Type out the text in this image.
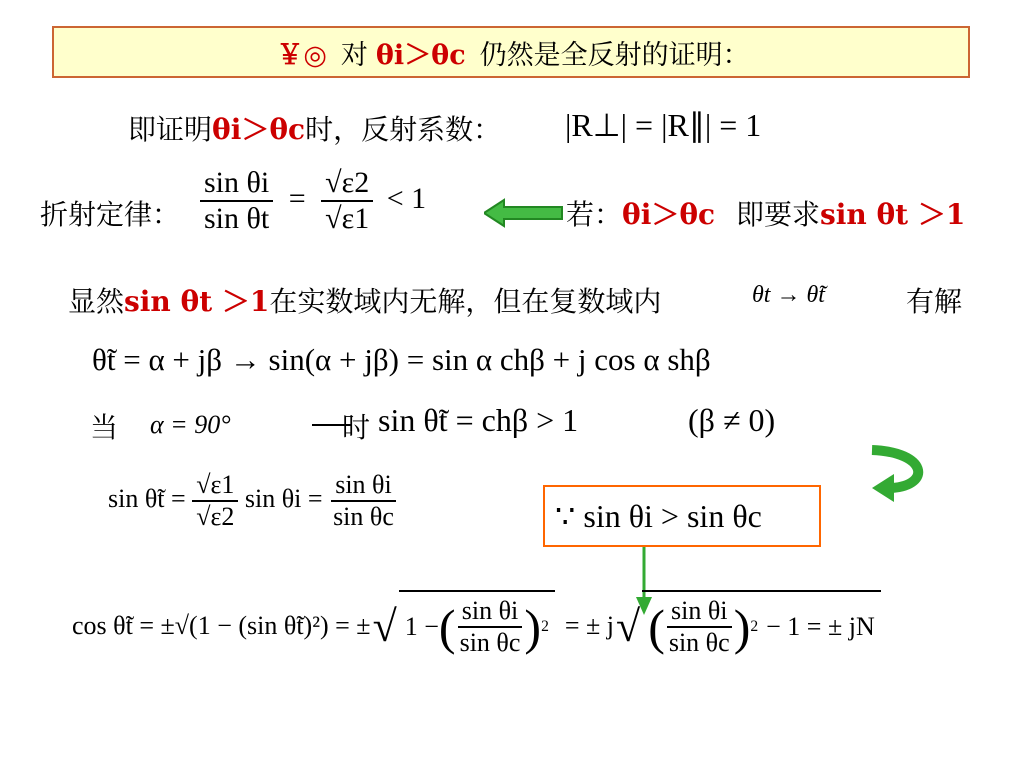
￥◎ 对 θi＞θc 仍然是全反射的证明：
即证明θi＞θc时，反射系数： |R⊥| = |R∥| = 1
折射定律： $\frac{\text{sin θi}}{\text{sin θt}} = \frac{√\varepsilon 2}{√\varepsilon 1} < 1$	若：θi＞θc 即要求sin θt ＞1
显然sin θt ＞1在实数域内无解，但在复数域内	θt → θ̃t	有解
θ̃t = α + jβ → sin(α + jβ) = sin α chβ + j cos α shβ
当 α = 90°	时 sin θ̃t = chβ > 1	(β ≠ 0)
sin θ̃t = $\frac{√\varepsilon 1}{√\varepsilon 2}$ $\sin \theta i = \frac{\text{sin θi}}{\text{sin θc}}$	∵ sin θi > sin θc
cos θ̃t = ±√(1 − (sin θ̃t)²) = ± √ 1 − ( $\frac{\text{sin θi}}{\text{sin θc}}$ ) 2 = ± j √ ( $\frac{\text{sin θi}}{\text{sin θc}}$ ) 2 − 1 = ± jN
